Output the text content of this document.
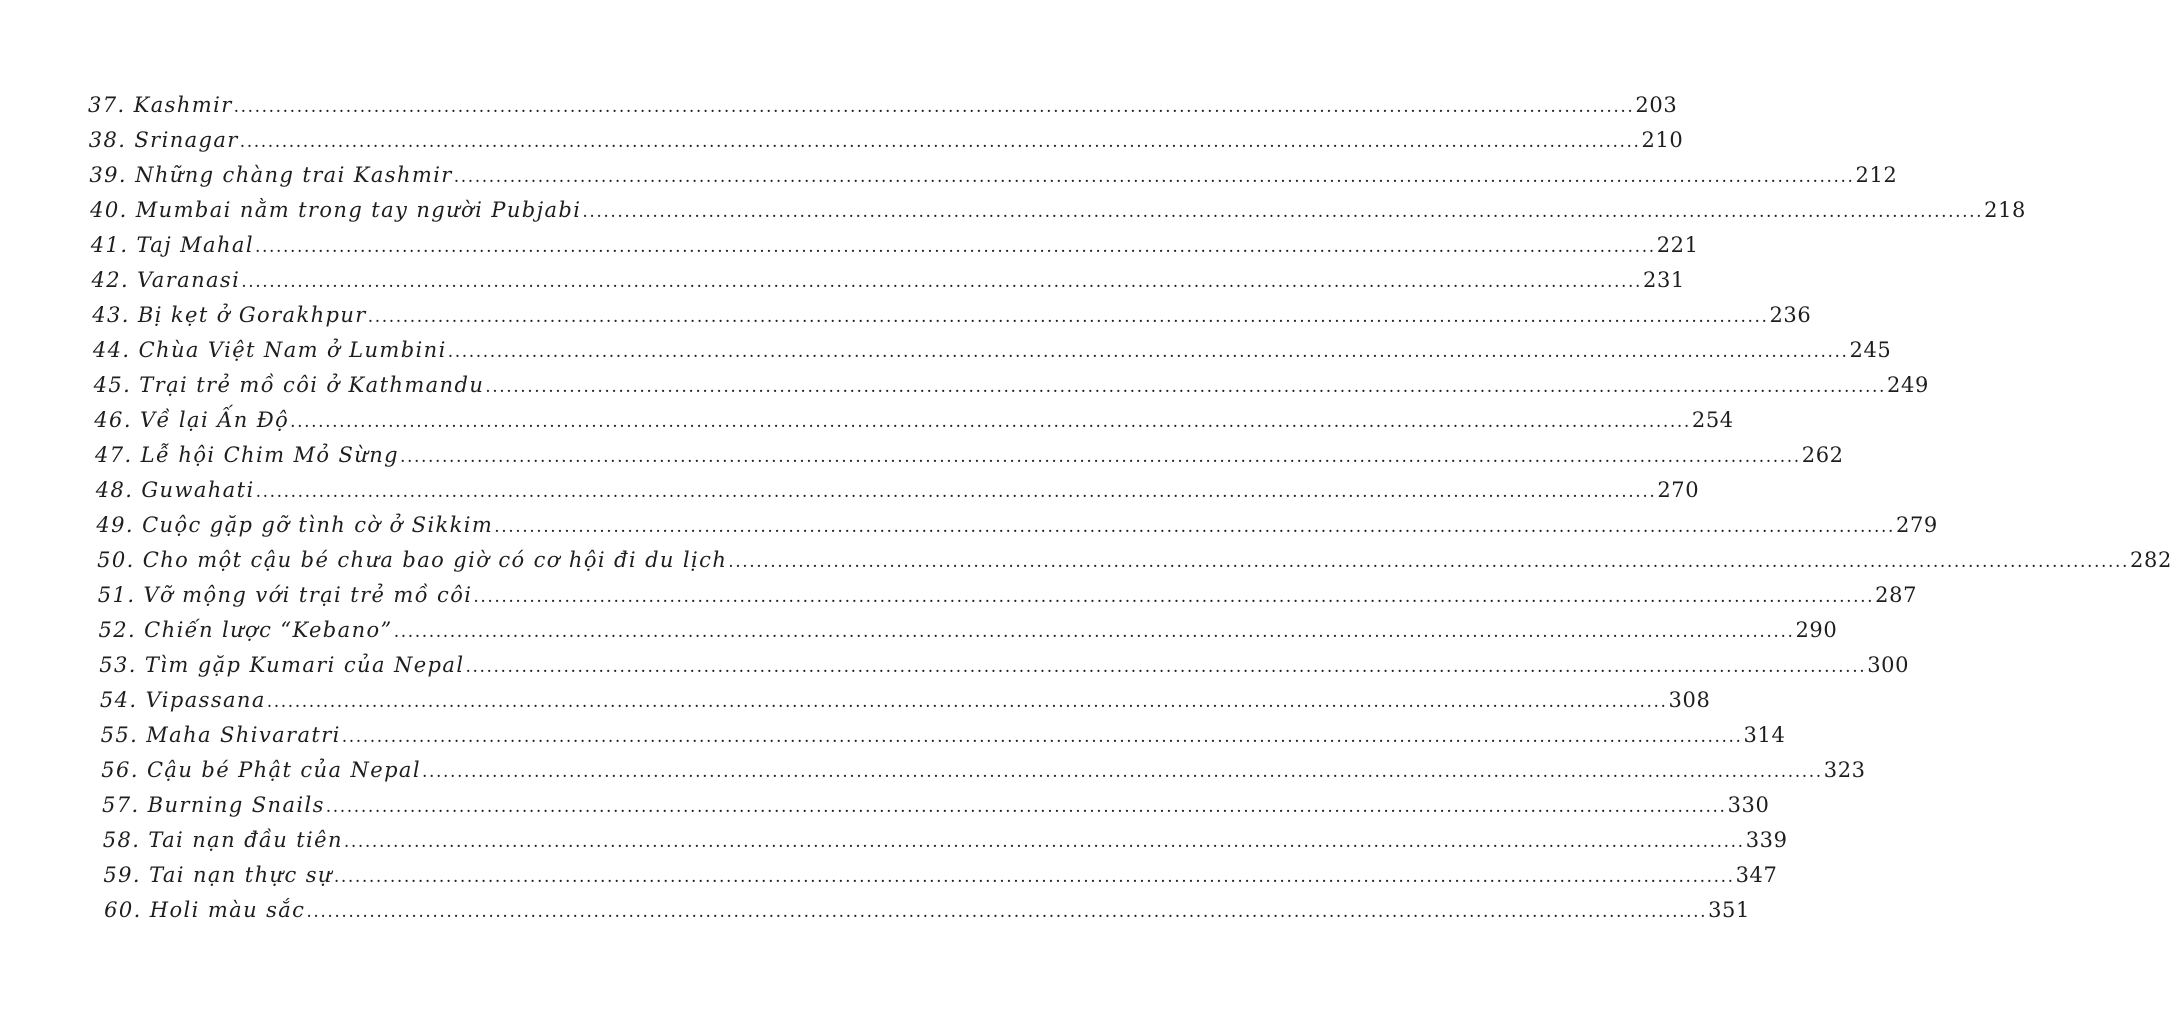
37. Kashmir ........................................................................................................................................................................................................ 203
38. Srinagar ........................................................................................................................................................................................................ 210
39. Những chàng trai Kashmir ........................................................................................................................................................................................................ 212
40. Mumbai nằm trong tay người Pubjabi ........................................................................................................................................................................................................ 218
41. Taj Mahal ........................................................................................................................................................................................................ 221
42. Varanasi ........................................................................................................................................................................................................ 231
43. Bị kẹt ở Gorakhpur ........................................................................................................................................................................................................ 236
44. Chùa Việt Nam ở Lumbini ........................................................................................................................................................................................................ 245
45. Trại trẻ mồ côi ở Kathmandu ........................................................................................................................................................................................................ 249
46. Về lại Ấn Độ ........................................................................................................................................................................................................ 254
47. Lễ hội Chim Mỏ Sừng ........................................................................................................................................................................................................ 262
48. Guwahati ........................................................................................................................................................................................................ 270
49. Cuộc gặp gỡ tình cờ ở Sikkim ........................................................................................................................................................................................................ 279
50. Cho một cậu bé chưa bao giờ có cơ hội đi du lịch ........................................................................................................................................................................................................ 282
51. Vỡ mộng với trại trẻ mồ côi ........................................................................................................................................................................................................ 287
52. Chiến lược “Kebano” ........................................................................................................................................................................................................ 290
53. Tìm gặp Kumari của Nepal ........................................................................................................................................................................................................ 300
54. Vipassana ........................................................................................................................................................................................................ 308
55. Maha Shivaratri ........................................................................................................................................................................................................ 314
56. Cậu bé Phật của Nepal ........................................................................................................................................................................................................ 323
57. Burning Snails ........................................................................................................................................................................................................ 330
58. Tai nạn đầu tiên ........................................................................................................................................................................................................ 339
59. Tai nạn thực sự ........................................................................................................................................................................................................ 347
60. Holi màu sắc ........................................................................................................................................................................................................ 351
